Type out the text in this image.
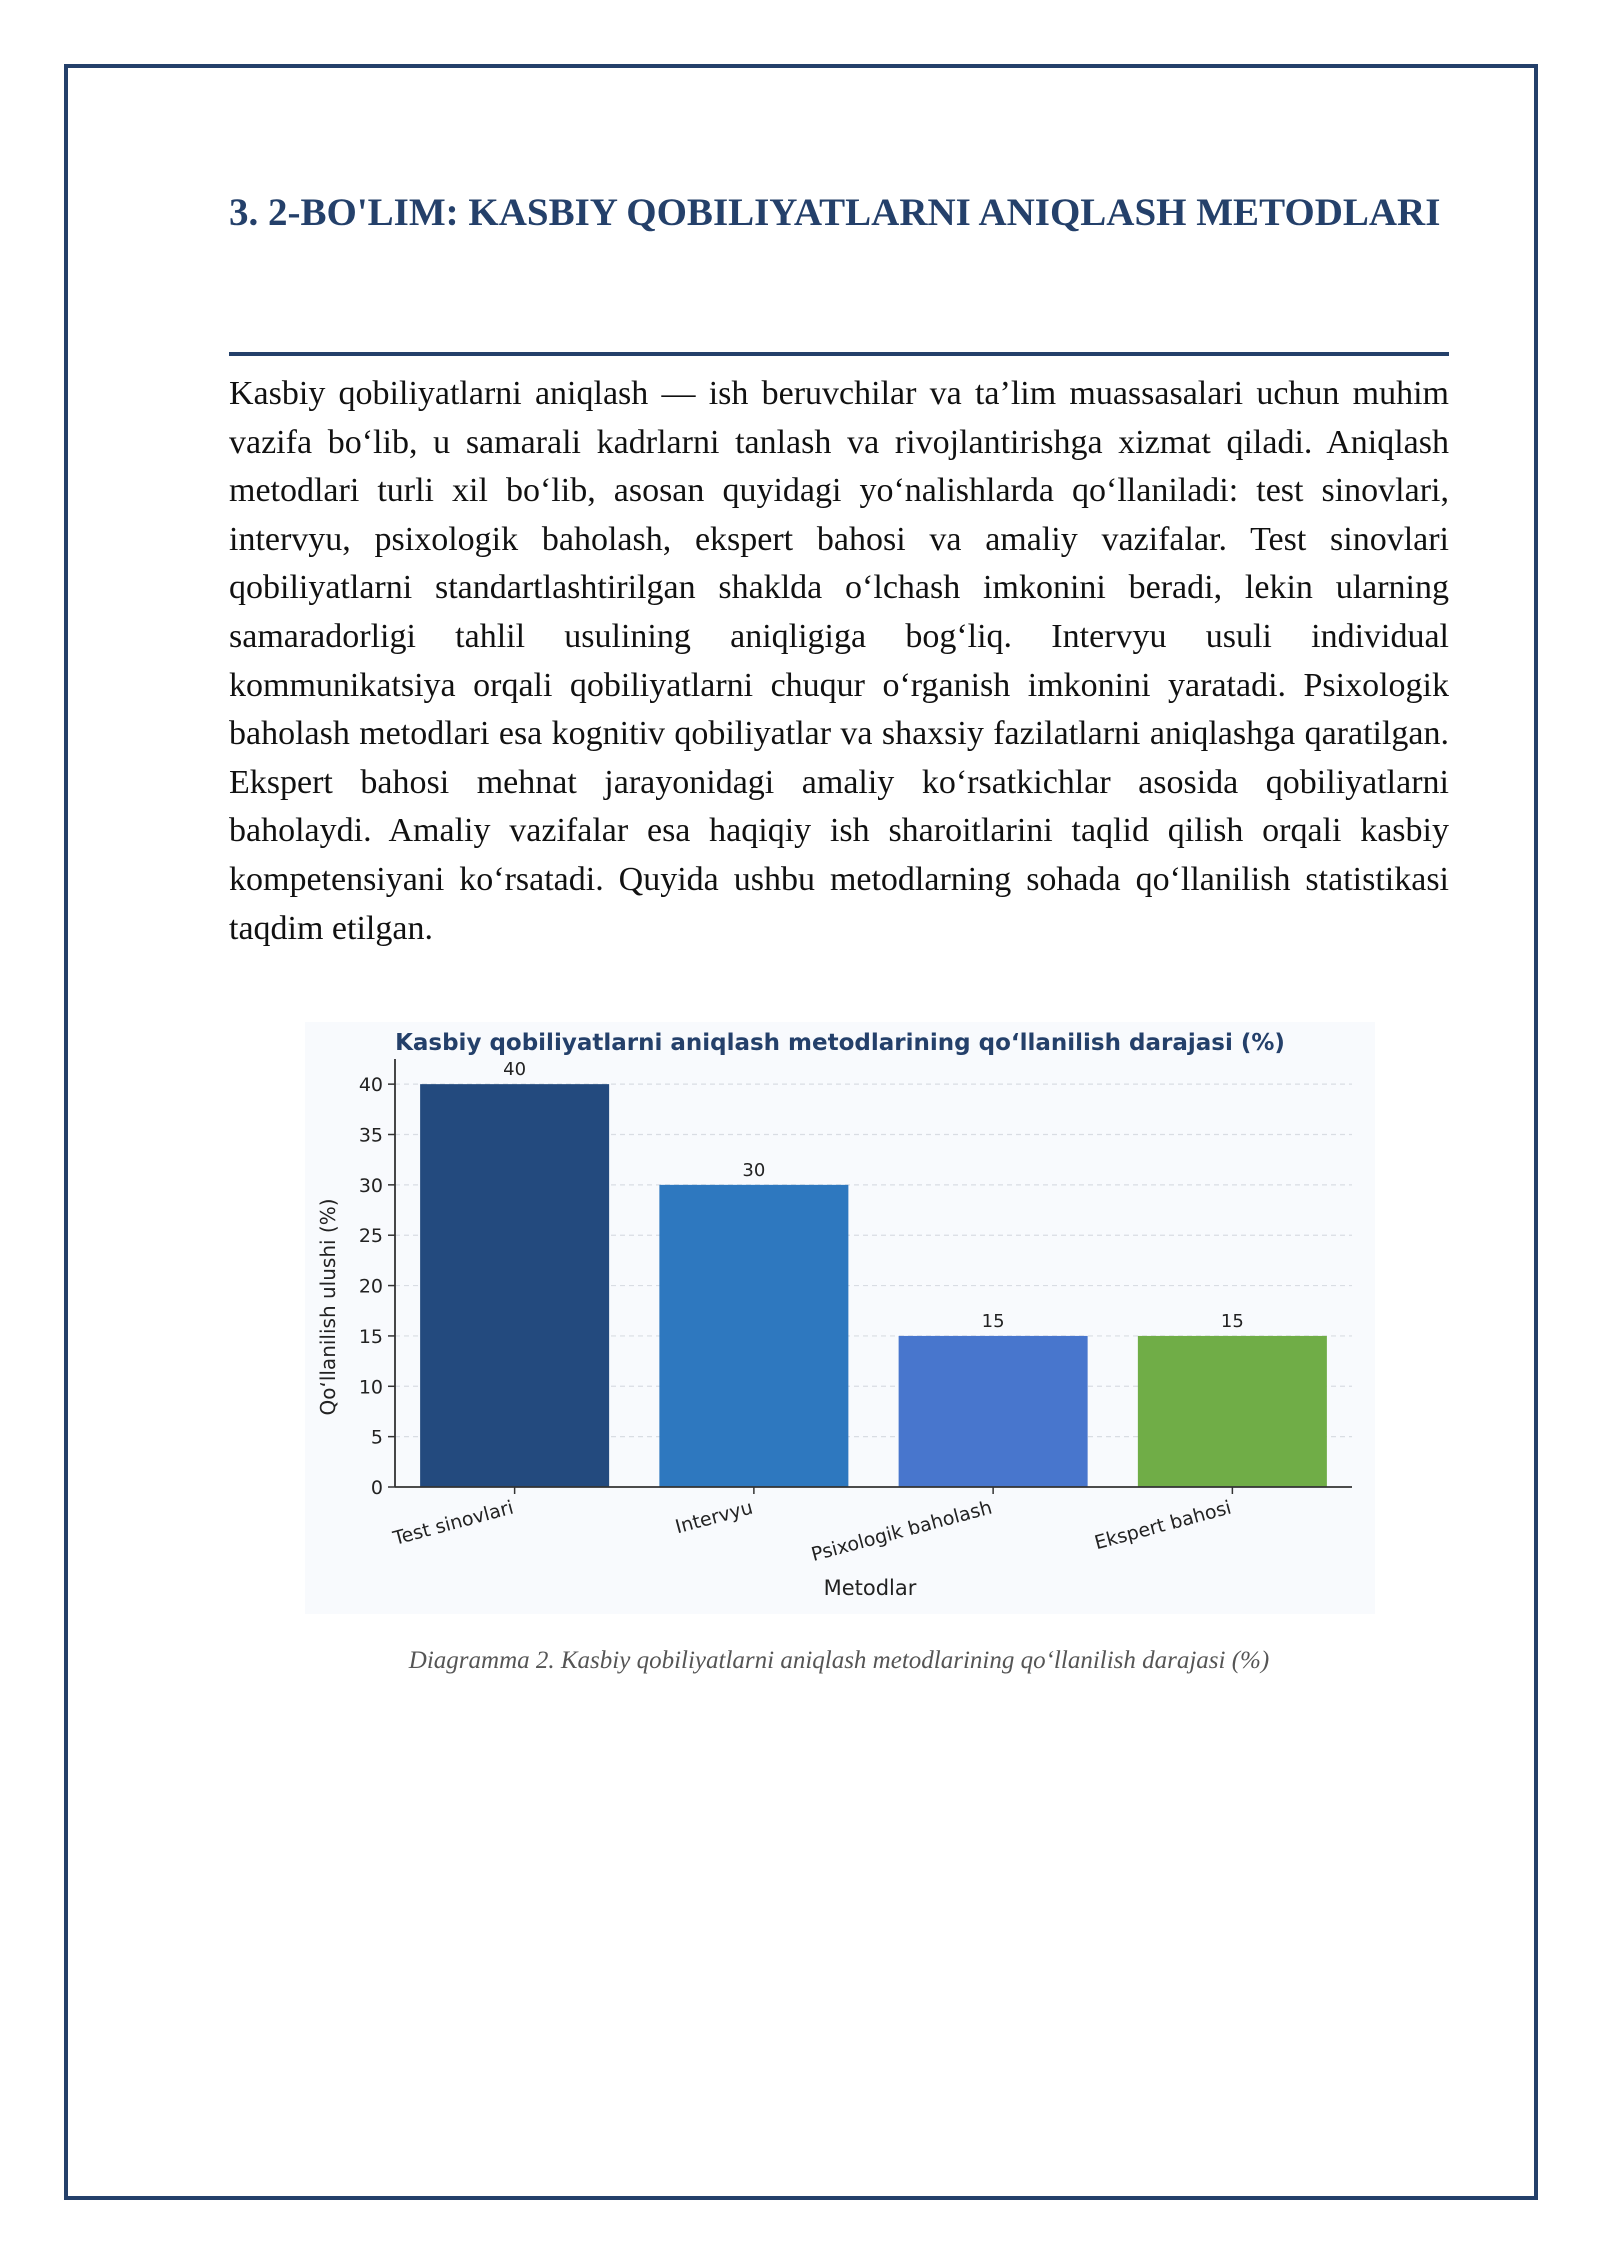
3. 2-BO'LIM: KASBIY QOBILIYATLARNI ANIQLASH METODLARI

Kasbiy qobiliyatlarni aniqlash — ish beruvchilar va ta’lim muassasalari uchun muhim vazifa bo‘lib, u samarali kadrlarni tanlash va rivojlantirishga xizmat qiladi. Aniqlash metodlari turli xil bo‘lib, asosan quyidagi yo‘nalishlarda qo‘llaniladi: test sinovlari, intervyu, psixologik baholash, ekspert bahosi va amaliy vazifalar. Test sinovlari qobiliyatlarni standartlashtirilgan shaklda o‘lchash imkonini beradi, lekin ularning samaradorligi tahlil usulining aniqligiga bog‘liq. Intervyu usuli individual kommunikatsiya orqali qobiliyatlarni chuqur o‘rganish imkonini yaratadi. Psixologik baholash metodlari esa kognitiv qobiliyatlar va shaxsiy fazilatlarni aniqlashga qaratilgan. Ekspert bahosi mehnat jarayonidagi amaliy ko‘rsatkichlar asosida qobiliyatlarni baholaydi. Amaliy vazifalar esa haqiqiy ish sharoitlarini taqlid qilish orqali kasbiy kompetensiyani ko‘rsatadi. Quyida ushbu metodlarning sohada qo‘llanilish statistikasi taqdim etilgan.

40
30
15	15
0
5
10
15
20
25
30
35
40
Test sinovlari	Intervyu	Psixologik baholash	Ekspert bahosi
Kasbiy qobiliyatlarni aniqlash metodlarining qo‘llanilish darajasi (%)
Metodlar
Qo‘llanilish ulushi (%)

Diagramma 2. Kasbiy qobiliyatlarni aniqlash metodlarining qo‘llanilish darajasi (%)
